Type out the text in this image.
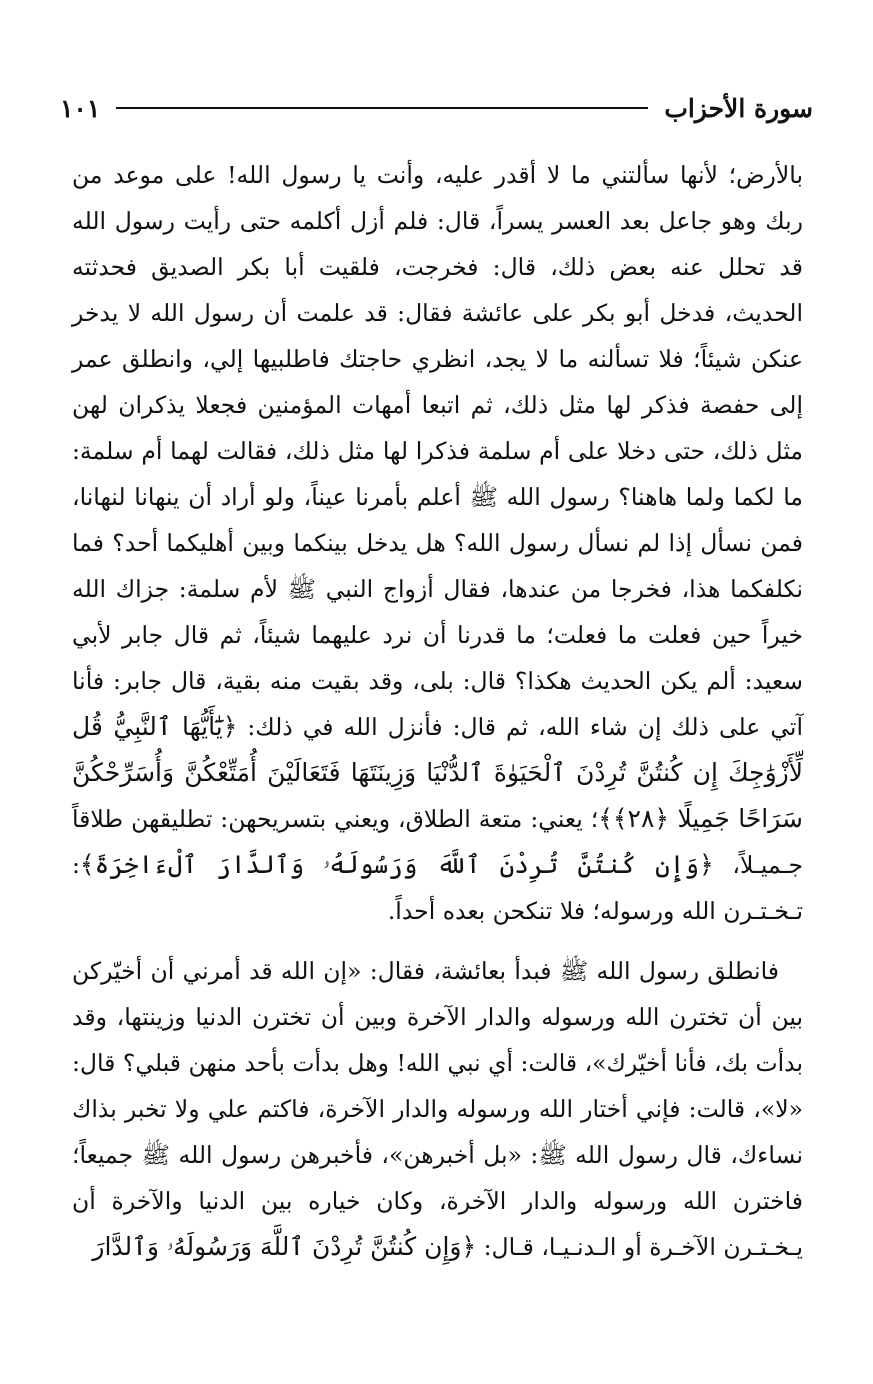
سورة الأحزاب
١٠١

بالأرض؛ لأنها سألتني ما لا أقدر عليه، وأنت يا رسول الله! على موعد من ربك وهو جاعل بعد العسر يسراً، قال: فلم أزل أكلمه حتى رأيت رسول الله قد تحلل عنه بعض ذلك، قال: فخرجت، فلقيت أبا بكر الصديق فحدثته الحديث، فدخل أبو بكر على عائشة فقال: قد علمت أن رسول الله لا يدخر عنكن شيئاً؛ فلا تسألنه ما لا يجد، انظري حاجتك فاطلبيها إلي، وانطلق عمر إلى حفصة فذكر لها مثل ذلك، ثم اتبعا أمهات المؤمنين فجعلا يذكران لهن مثل ذلك، حتى دخلا على أم سلمة فذكرا لها مثل ذلك، فقالت لهما أم سلمة: ما لكما ولما هاهنا؟ رسول الله ﷺ أعلم بأمرنا عيناً، ولو أراد أن ينهانا لنهانا، فمن نسأل إذا لم نسأل رسول الله؟ هل يدخل بينكما وبين أهليكما أحد؟ فما نكلفكما هذا، فخرجا من عندها، فقال أزواج النبي ﷺ لأم سلمة: جزاك الله خيراً حين فعلت ما فعلت؛ ما قدرنا أن نرد عليهما شيئاً، ثم قال جابر لأبي سعيد: ألم يكن الحديث هكذا؟ قال: بلى، وقد بقيت منه بقية، قال جابر: فأنا آتي على ذلك إن شاء الله، ثم قال: فأنزل الله في ذلك: ﴿يَٰٓأَيُّهَا ٱلنَّبِيُّ قُل لِّأَزْوَٰجِكَ إِن كُنتُنَّ تُرِدْنَ ٱلْحَيَوٰةَ ٱلدُّنْيَا وَزِينَتَهَا فَتَعَالَيْنَ أُمَتِّعْكُنَّ وَأُسَرِّحْكُنَّ سَرَاحًا جَمِيلًا ﴿٢٨﴾﴾؛ يعني: متعة الطلاق، ويعني بتسريحهن: تطليقهن طلاقاً جـميـلاً، ﴿وَإِن كُنتُنَّ تُرِدْنَ ٱللَّهَ وَرَسُولَهُۥ وَٱلدَّارَ ٱلْءَاخِرَةَ﴾: تـخـتـرن الله ورسوله؛ فلا تنكحن بعده أحداً.

فانطلق رسول الله ﷺ فبدأ بعائشة، فقال: «إن الله قد أمرني أن أخيّركن بين أن تخترن الله ورسوله والدار الآخرة وبين أن تخترن الدنيا وزينتها، وقد بدأت بك، فأنا أخيّرك»، قالت: أي نبي الله! وهل بدأت بأحد منهن قبلي؟ قال: «لا»، قالت: فإني أختار الله ورسوله والدار الآخرة، فاكتم علي ولا تخبر بذاك نساءك، قال رسول الله ﷺ: «بل أخبرهن»، فأخبرهن رسول الله ﷺ جميعاً؛ فاخترن الله ورسوله والدار الآخرة، وكان خياره بين الدنيا والآخرة أن يـخـتـرن الآخـرة أو الـدنـيـا، قـال: ﴿وَإِن كُنتُنَّ تُرِدْنَ ٱللَّهَ وَرَسُولَهُۥ وَٱلدَّارَ
